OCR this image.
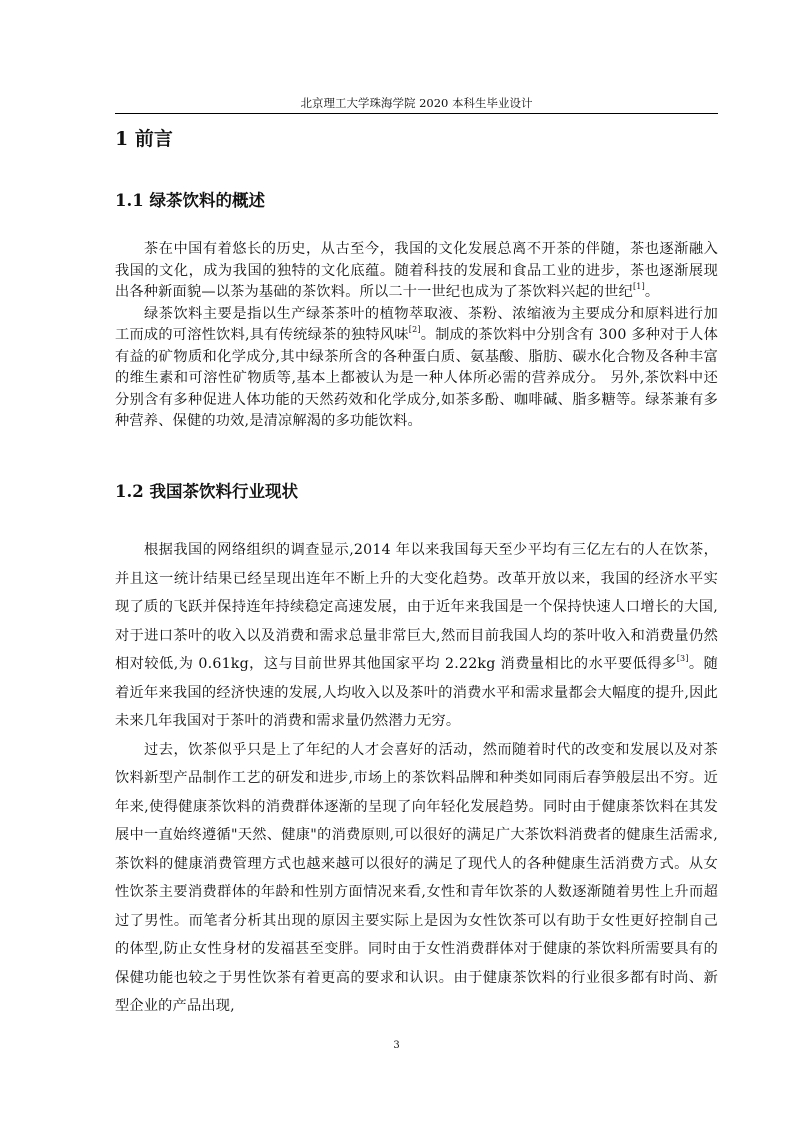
北京理工大学珠海学院 2020 本科生毕业设计
1 前言
1.1 绿茶饮料的概述

茶在中国有着悠长的历史，从古至今，我国的文化发展总离不开茶的伴随，茶也逐渐融入我国的文化，成为我国的独特的文化底蕴。随着科技的发展和食品工业的进步，茶也逐渐展现出各种新面貌—以茶为基础的茶饮料。所以二十一世纪也成为了茶饮料兴起的世纪[1]。

绿茶饮料主要是指以生产绿茶茶叶的植物萃取液、茶粉、浓缩液为主要成分和原料进行加工而成的可溶性饮料,具有传统绿茶的独特风味[2]。制成的茶饮料中分别含有 300 多种对于人体有益的矿物质和化学成分,其中绿茶所含的各种蛋白质、氨基酸、脂肪、碳水化合物及各种丰富的维生素和可溶性矿物质等,基本上都被认为是一种人体所必需的营养成分。 另外,茶饮料中还分别含有多种促进人体功能的天然药效和化学成分,如茶多酚、咖啡碱、脂多糖等。绿茶兼有多种营养、保健的功效,是清凉解渴的多功能饮料。

1.2 我国茶饮料行业现状

根据我国的网络组织的调查显示,2014 年以来我国每天至少平均有三亿左右的人在饮茶，并且这一统计结果已经呈现出连年不断上升的大变化趋势。改革开放以来，我国的经济水平实现了质的飞跃并保持连年持续稳定高速发展，由于近年来我国是一个保持快速人口增长的大国,对于进口茶叶的收入以及消费和需求总量非常巨大,然而目前我国人均的茶叶收入和消费量仍然相对较低,为 0.61kg，这与目前世界其他国家平均 2.22kg 消费量相比的水平要低得多[3]。随着近年来我国的经济快速的发展,人均收入以及茶叶的消费水平和需求量都会大幅度的提升,因此未来几年我国对于茶叶的消费和需求量仍然潜力无穷。

过去，饮茶似乎只是上了年纪的人才会喜好的活动，然而随着时代的改变和发展以及对茶饮料新型产品制作工艺的研发和进步,市场上的茶饮料品牌和种类如同雨后春笋般层出不穷。近年来,使得健康茶饮料的消费群体逐渐的呈现了向年轻化发展趋势。同时由于健康茶饮料在其发展中一直始终遵循"天然、健康"的消费原则,可以很好的满足广大茶饮料消费者的健康生活需求,茶饮料的健康消费管理方式也越来越可以很好的满足了现代人的各种健康生活消费方式。从女性饮茶主要消费群体的年龄和性别方面情况来看,女性和青年饮茶的人数逐渐随着男性上升而超过了男性。而笔者分析其出现的原因主要实际上是因为女性饮茶可以有助于女性更好控制自己的体型,防止女性身材的发福甚至变胖。同时由于女性消费群体对于健康的茶饮料所需要具有的保健功能也较之于男性饮茶有着更高的要求和认识。由于健康茶饮料的行业很多都有时尚、新型企业的产品出现,

3
